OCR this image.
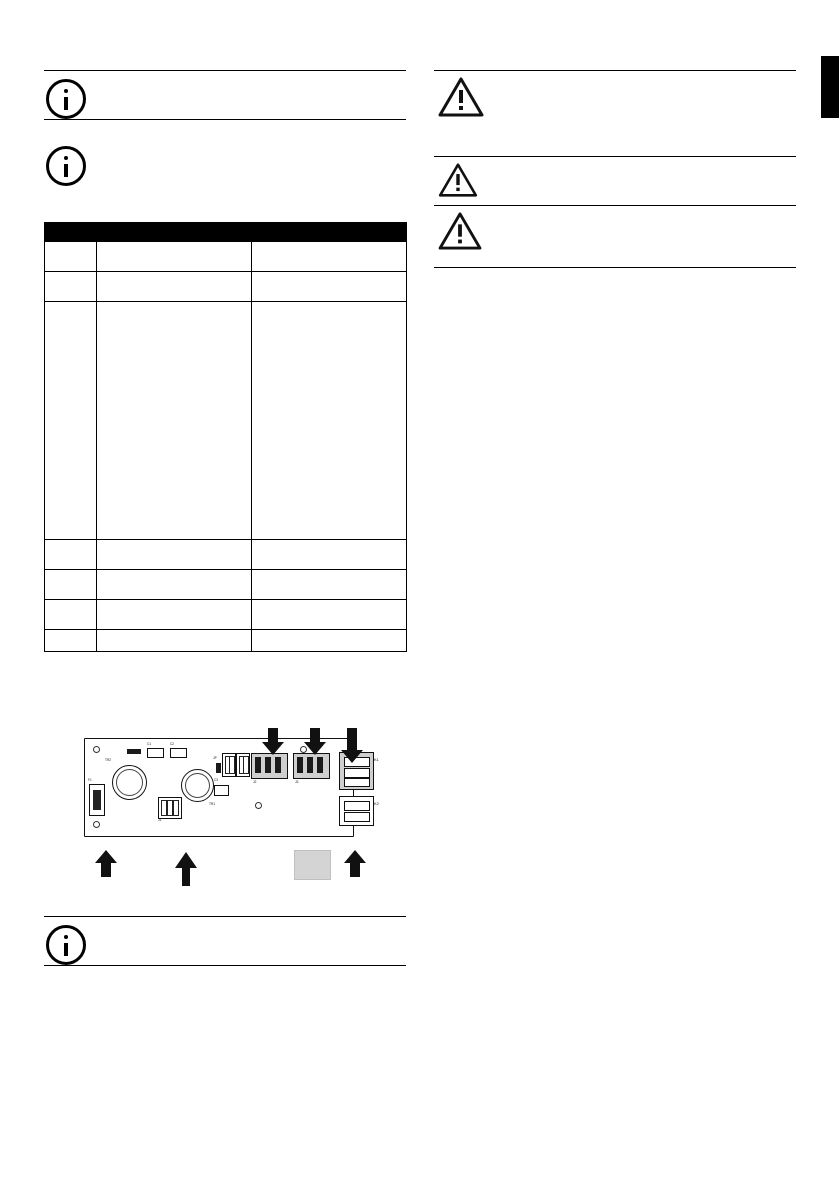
TR2
TR1
C1	C2
C3
JP
F1
J1
J2	J3
K1
K2
